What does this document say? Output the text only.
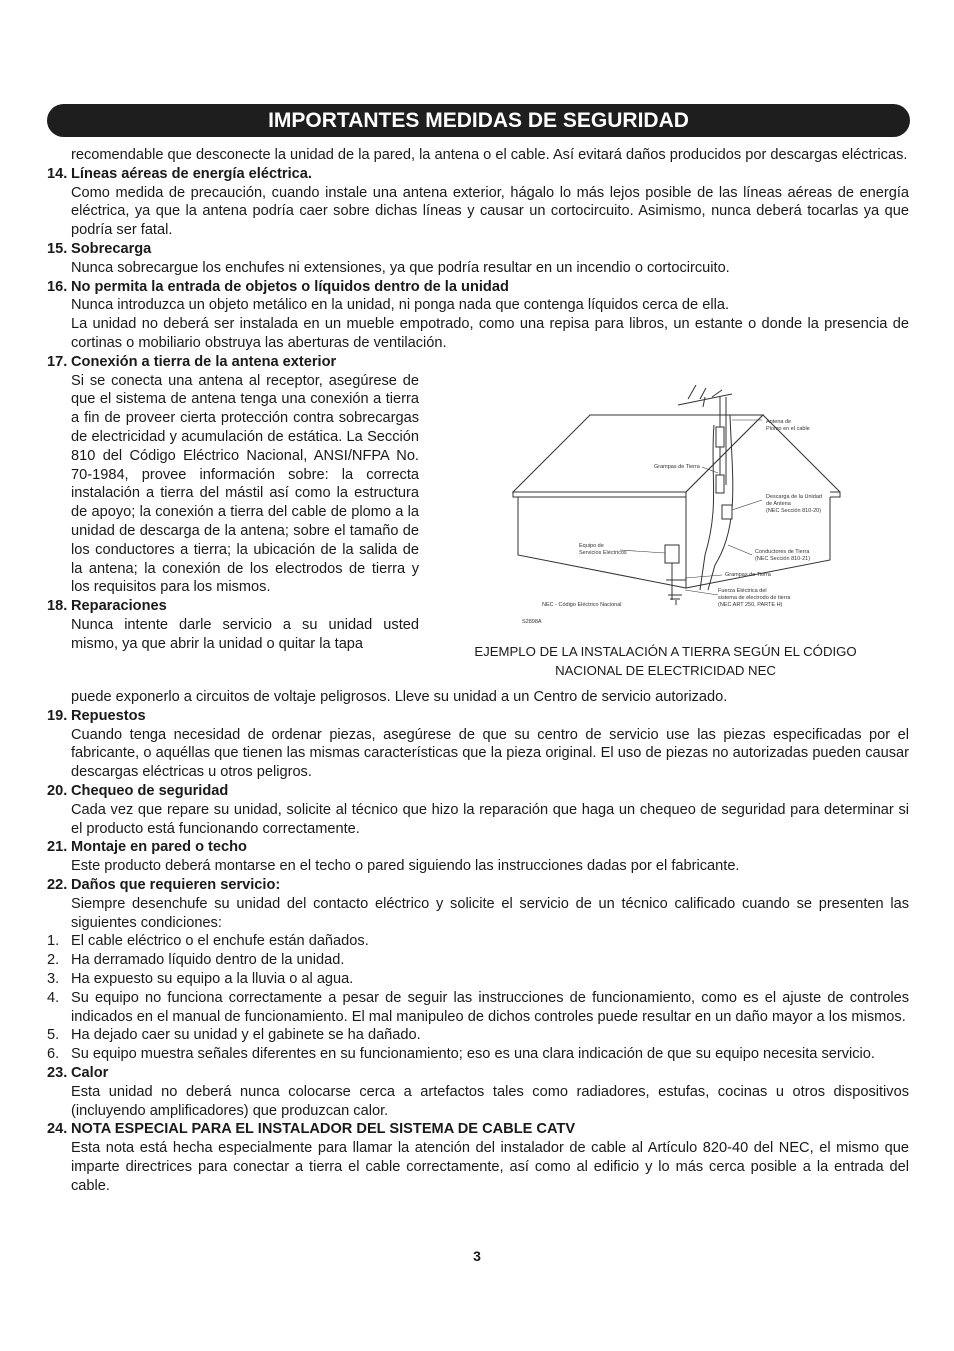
IMPORTANTES MEDIDAS DE SEGURIDAD
recomendable que desconecte la unidad de la pared, la antena o el cable. Así evitará daños producidos por descargas eléctricas.
14. Líneas aéreas de energía eléctrica.
Como medida de precaución, cuando instale una antena exterior, hágalo lo más lejos posible de las líneas aéreas de energía eléctrica, ya que la antena podría caer sobre dichas líneas y causar un cortocircuito. Asimismo, nunca deberá tocarlas ya que podría ser fatal.
15. Sobrecarga
Nunca sobrecargue los enchufes ni extensiones, ya que podría resultar en un incendio o cortocircuito.
16. No permita la entrada de objetos o líquidos dentro de la unidad
Nunca introduzca un objeto metálico en la unidad, ni ponga nada que contenga líquidos cerca de ella.
La unidad no deberá ser instalada en un mueble empotrado, como una repisa para libros, un estante o donde la presencia de cortinas o mobiliario obstruya las aberturas de ventilación.
17. Conexión a tierra de la antena exterior
Si se conecta una antena al receptor, asegúrese de que el sistema de antena tenga una conexión a tierra a fin de proveer cierta protección contra sobrecargas de electricidad y acumulación de estática. La Sección 810 del Código Eléctrico Nacional, ANSI/NFPA No. 70-1984, provee información sobre: la correcta instalación a tierra del mástil así como la estructura de apoyo; la conexión a tierra del cable de plomo a la unidad de descarga de la antena; sobre el tamaño de los conductores a tierra; la ubicación de la salida de la antena; la conexión de los electrodos de tierra y los requisitos para los mismos.
18. Reparaciones
Nunca intente darle servicio a su unidad usted mismo, ya que abrir la unidad o quitar la tapa
puede exponerlo a circuitos de voltaje peligrosos. Lleve su unidad a un Centro de servicio autorizado.
19. Repuestos
Cuando tenga necesidad de ordenar piezas, asegúrese de que su centro de servicio use las piezas especificadas por el fabricante, o aquéllas que tienen las mismas características que la pieza original. El uso de piezas no autorizadas pueden causar descargas eléctricas u otros peligros.
20. Chequeo de seguridad
Cada vez que repare su unidad, solicite al técnico que hizo la reparación que haga un chequeo de seguridad para determinar si el producto está funcionando correctamente.
21. Montaje en pared o techo
Este producto deberá montarse en el techo o pared siguiendo las instrucciones dadas por el fabricante.
22. Daños que requieren servicio:
Siempre desenchufe su unidad del contacto eléctrico y solicite el servicio de un técnico calificado cuando se presenten las siguientes condiciones:
1. El cable eléctrico o el enchufe están dañados.
2. Ha derramado líquido dentro de la unidad.
3. Ha expuesto su equipo a la lluvia o al agua.
4. Su equipo no funciona correctamente a pesar de seguir las instrucciones de funcionamiento, como es el ajuste de controles indicados en el manual de funcionamiento. El mal manipuleo de dichos controles puede resultar en un daño mayor a los mismos.
5. Ha dejado caer su unidad y el gabinete se ha dañado.
6. Su equipo muestra señales diferentes en su funcionamiento; eso es una clara indicación de que su equipo necesita servicio.
23. Calor
Esta unidad no deberá nunca colocarse cerca a artefactos tales como radiadores, estufas, cocinas u otros dispositivos (incluyendo amplificadores) que produzcan calor.
24. NOTA ESPECIAL PARA EL INSTALADOR DEL SISTEMA DE CABLE CATV
Esta nota está hecha especialmente para llamar la atención del instalador de cable al Artículo 820-40 del NEC, el mismo que imparte directrices para conectar a tierra el cable correctamente, así como al edificio y lo más cerca posible a la entrada del cable.
Antena de
Plomo en el cable
Grampas de Tierra
Descarga de la Unidad
de Antena
(NEC Sección 810-20)
Equipo de
Servicios Eléctricos	Conductores de Tierra
(NEC Sección 810-21)
Grampas de Tierra
Fuerza Eléctrica del
sistema de electrodo de tierra
(NEC ART 250, PARTE H)
NEC - Código Eléctrico Nacional
S2898A
EJEMPLO DE LA INSTALACIÓN A TIERRA SEGÚN EL CÓDIGO
NACIONAL DE ELECTRICIDAD NEC
3
